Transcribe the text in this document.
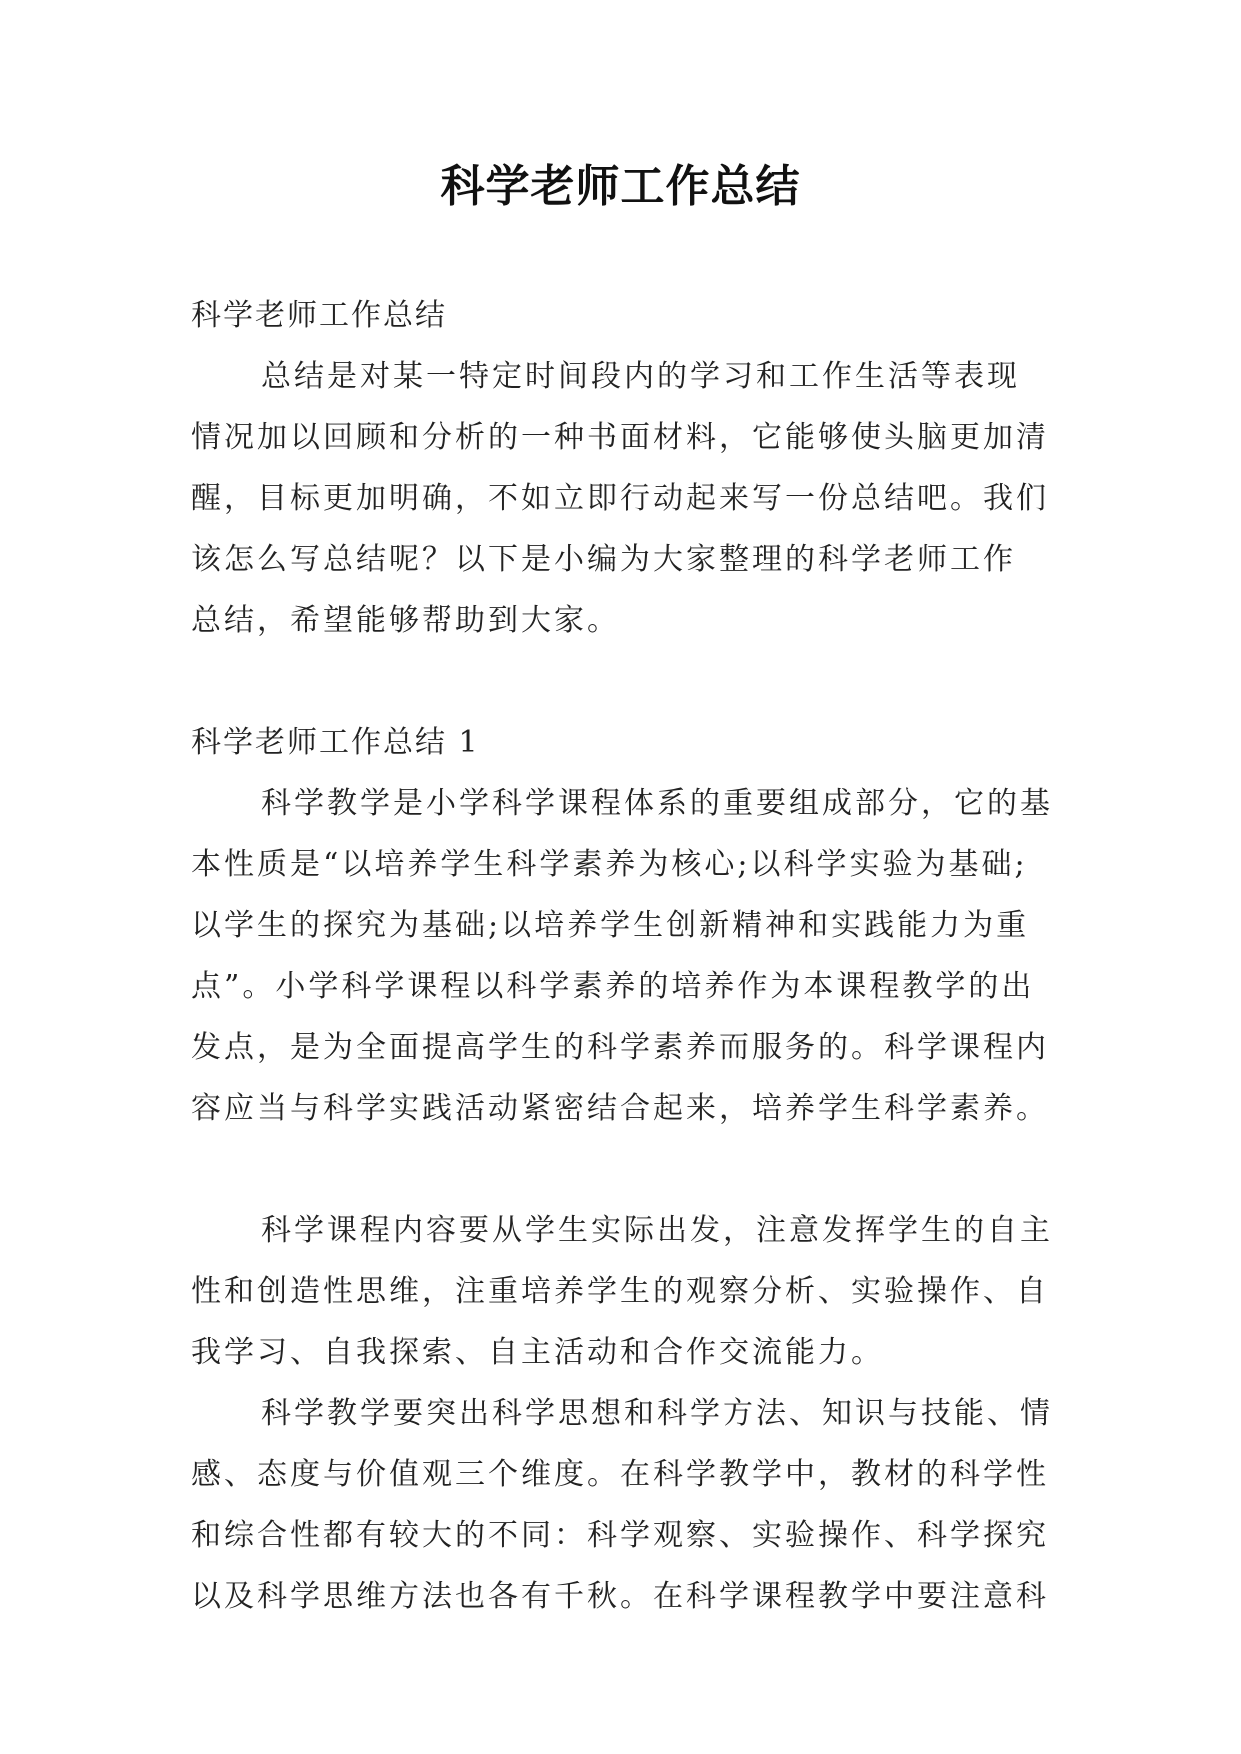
科学老师工作总结
科学老师工作总结
总结是对某一特定时间段内的学习和工作生活等表现
情况加以回顾和分析的一种书面材料，它能够使头脑更加清
醒，目标更加明确，不如立即行动起来写一份总结吧。我们
该怎么写总结呢？以下是小编为大家整理的科学老师工作
总结，希望能够帮助到大家。
科学老师工作总结 1
科学教学是小学科学课程体系的重要组成部分，它的基
本性质是“以培养学生科学素养为核心;以科学实验为基础;
以学生的探究为基础;以培养学生创新精神和实践能力为重
点”。小学科学课程以科学素养的培养作为本课程教学的出
发点，是为全面提高学生的科学素养而服务的。科学课程内
容应当与科学实践活动紧密结合起来，培养学生科学素养。
科学课程内容要从学生实际出发，注意发挥学生的自主
性和创造性思维，注重培养学生的观察分析、实验操作、自
我学习、自我探索、自主活动和合作交流能力。
科学教学要突出科学思想和科学方法、知识与技能、情
感、态度与价值观三个维度。在科学教学中，教材的科学性
和综合性都有较大的不同：科学观察、实验操作、科学探究
以及科学思维方法也各有千秋。在科学课程教学中要注意科
